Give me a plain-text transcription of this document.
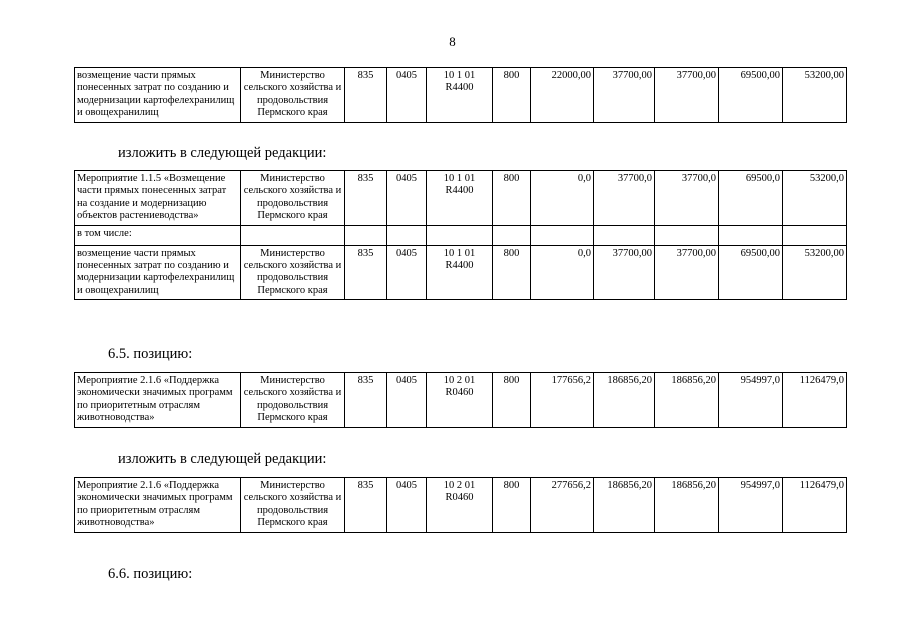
8
возмещение части прямых понесенных затрат по созданию и модернизации картофелехранилищ и овощехранилищ	Министерство сельского хозяйства и продовольствия Пермского края	835	0405	10 1 01 R4400	800	22000,00	37700,00	37700,00	69500,00	53200,00
изложить в следующей редакции:
Мероприятие 1.1.5 «Возмещение части прямых понесенных затрат на создание и модернизацию объектов растениеводства»	Министерство сельского хозяйства и продовольствия Пермского края	835	0405	10 1 01 R4400	800	0,0	37700,0	37700,0	69500,0	53200,0
в том числе:										
возмещение части прямых понесенных затрат по созданию и модернизации картофелехранилищ и овощехранилищ	Министерство сельского хозяйства и продовольствия Пермского края	835	0405	10 1 01 R4400	800	0,0	37700,00	37700,00	69500,00	53200,00
6.5. позицию:
Мероприятие 2.1.6 «Поддержка экономически значимых программ по приоритетным отраслям животноводства»	Министерство сельского хозяйства и продовольствия Пермского края	835	0405	10 2 01 R0460	800	177656,2	186856,20	186856,20	954997,0	1126479,0
изложить в следующей редакции:
Мероприятие 2.1.6 «Поддержка экономически значимых программ по приоритетным отраслям животноводства»	Министерство сельского хозяйства и продовольствия Пермского края	835	0405	10 2 01 R0460	800	277656,2	186856,20	186856,20	954997,0	1126479,0
6.6. позицию:
